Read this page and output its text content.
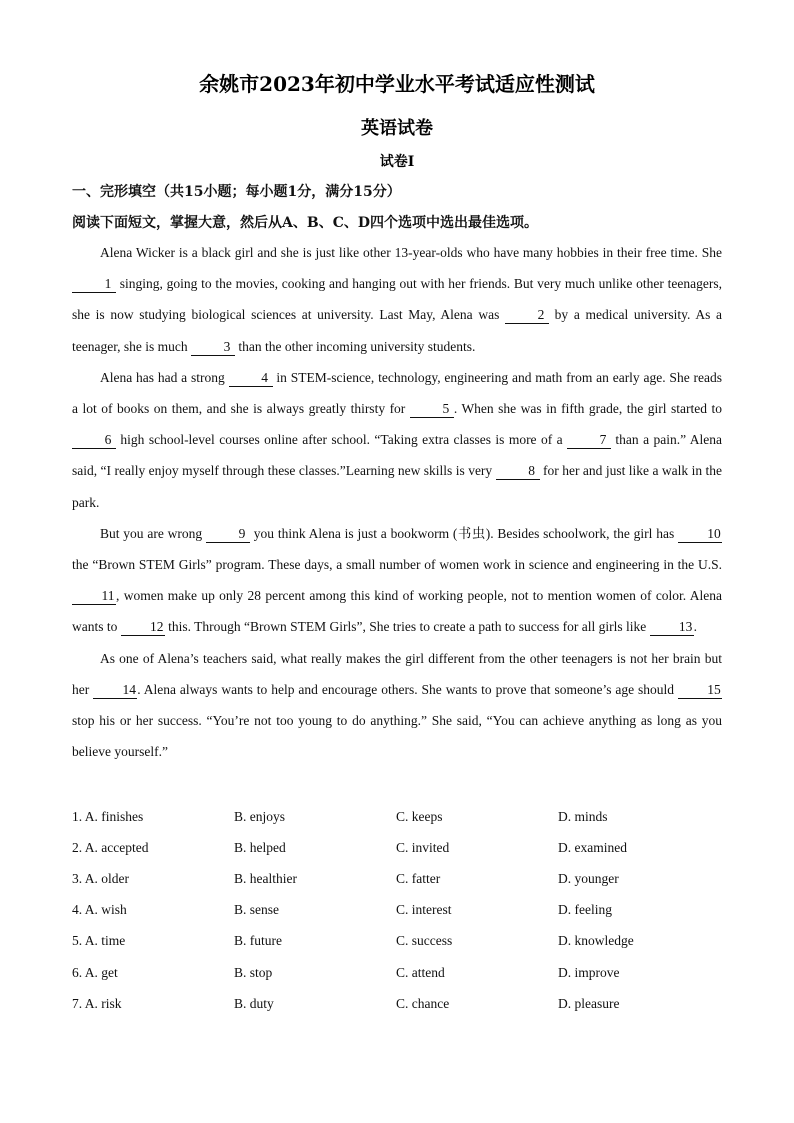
余姚市2023年初中学业水平考试适应性测试
英语试卷
试卷I
一、完形填空（共15小题；每小题1分，满分15分）
阅读下面短文，掌握大意，然后从A、B、C、D四个选项中选出最佳选项。

Alena Wicker is a black girl and she is just like other 13-year-olds who have many hobbies in their free time. She 1 singing, going to the movies, cooking and hanging out with her friends. But very much unlike other teenagers, she is now studying biological sciences at university. Last May, Alena was 2 by a medical university. As a teenager, she is much 3 than the other incoming university students.

Alena has had a strong 4 in STEM-science, technology, engineering and math from an early age. She reads a lot of books on them, and she is always greatly thirsty for 5 . When she was in fifth grade, the girl started to 6 high school-level courses online after school. “Taking extra classes is more of a 7 than a pain.” Alena said, “I really enjoy myself through these classes.”Learning new skills is very 8 for her and just like a walk in the park.

But you are wrong 9 you think Alena is just a bookworm (书虫). Besides schoolwork, the girl has 10 the “Brown STEM Girls” program. These days, a small number of women work in science and engineering in the U.S. 11 , women make up only 28 percent among this kind of working people, not to mention women of color. Alena wants to 12 this. Through “Brown STEM Girls”, She tries to create a path to success for all girls like 13.

As one of Alena’s teachers said, what really makes the girl different from the other teenagers is not her brain but her 14. Alena always wants to help and encourage others. She wants to prove that someone’s age should 15 stop his or her success. “You’re not too young to do anything.” She said, “You can achieve anything as long as you believe yourself.”

1. A. finishes	B. enjoys	C. keeps	D. minds
2. A. accepted	B. helped	C. invited	D. examined
3. A. older	B. healthier	C. fatter	D. younger
4. A. wish	B. sense	C. interest	D. feeling
5. A. time	B. future	C. success	D. knowledge
6. A. get	B. stop	C. attend	D. improve
7. A. risk	B. duty	C. chance	D. pleasure
